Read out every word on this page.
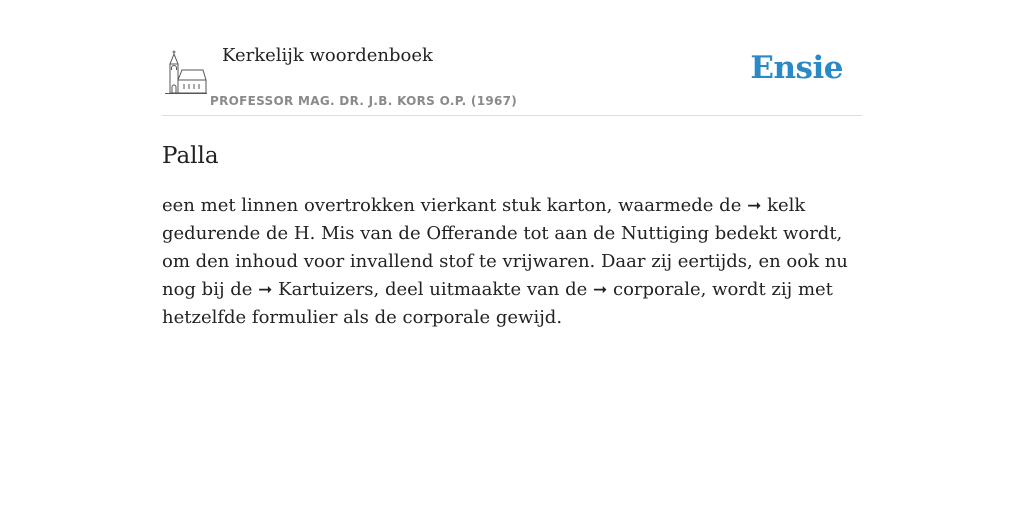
Kerkelijk woordenboek
PROFESSOR MAG. DR. J.B. KORS O.P. (1967)
Ensie
Palla

een met linnen overtrokken vierkant stuk karton, waarmede de ➞ kelk gedurende de H. Mis van de Offerande tot aan de Nuttiging bedekt wordt, om den inhoud voor invallend stof te vrijwaren. Daar zij eertijds, en ook nu nog bij de ➞ Kartuizers, deel uitmaakte van de ➞ corporale, wordt zij met hetzelfde formulier als de corporale gewijd.
